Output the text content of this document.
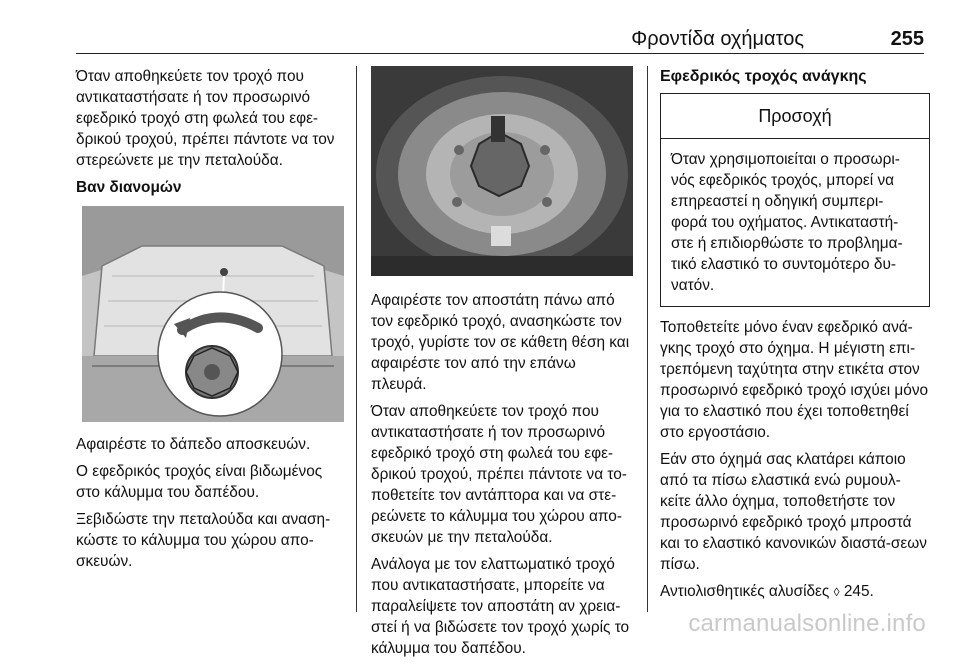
Φροντίδα οχήματος	255

Όταν αποθηκεύετε τον τροχό που αντικαταστήσατε ή τον προσωρινό εφεδρικό τροχό στη φωλεά του εφε-δρικού τροχού, πρέπει πάντοτε να τον στερεώνετε με την πεταλούδα.

Βαν διανομών

Αφαιρέστε το δάπεδο αποσκευών.

Ο εφεδρικός τροχός είναι βιδωμένος στο κάλυμμα του δαπέδου.

Ξεβιδώστε την πεταλούδα και αναση-κώστε το κάλυμμα του χώρου απο-σκευών.

Αφαιρέστε τον αποστάτη πάνω από τον εφεδρικό τροχό, ανασηκώστε τον τροχό, γυρίστε τον σε κάθετη θέση και αφαιρέστε τον από την επάνω πλευρά.

Όταν αποθηκεύετε τον τροχό που αντικαταστήσατε ή τον προσωρινό εφεδρικό τροχό στη φωλεά του εφε-δρικού τροχού, πρέπει πάντοτε να το-ποθετείτε τον αντάπτορα και να στε-ρεώνετε το κάλυμμα του χώρου απο-σκευών με την πεταλούδα.

Ανάλογα με τον ελαττωματικό τροχό που αντικαταστήσατε, μπορείτε να παραλείψετε τον αποστάτη αν χρεια-στεί ή να βιδώσετε τον τροχό χωρίς το κάλυμμα του δαπέδου.

Εφεδρικός τροχός ανάγκης

Προσοχή
Όταν χρησιμοποιείται ο προσωρι-νός εφεδρικός τροχός, μπορεί να επηρεαστεί η οδηγική συμπερι-φορά του οχήματος. Αντικαταστή-στε ή επιδιορθώστε το προβλημα-τικό ελαστικό το συντομότερο δυ-νατόν.

Τοποθετείτε μόνο έναν εφεδρικό ανά-γκης τροχό στο όχημα. Η μέγιστη επι-τρεπόμενη ταχύτητα στην ετικέτα στον προσωρινό εφεδρικό τροχό ισχύει μόνο για το ελαστικό που έχει τοποθετηθεί στο εργοστάσιο.

Εάν στο όχημά σας κλατάρει κάποιο από τα πίσω ελαστικά ενώ ρυμουλ-κείτε άλλο όχημα, τοποθετήστε τον προσωρινό εφεδρικό τροχό μπροστά και το ελαστικό κανονικών διαστά-σεων πίσω.

Αντιολισθητικές αλυσίδες ◊ 245.

carmanualsonline.info
